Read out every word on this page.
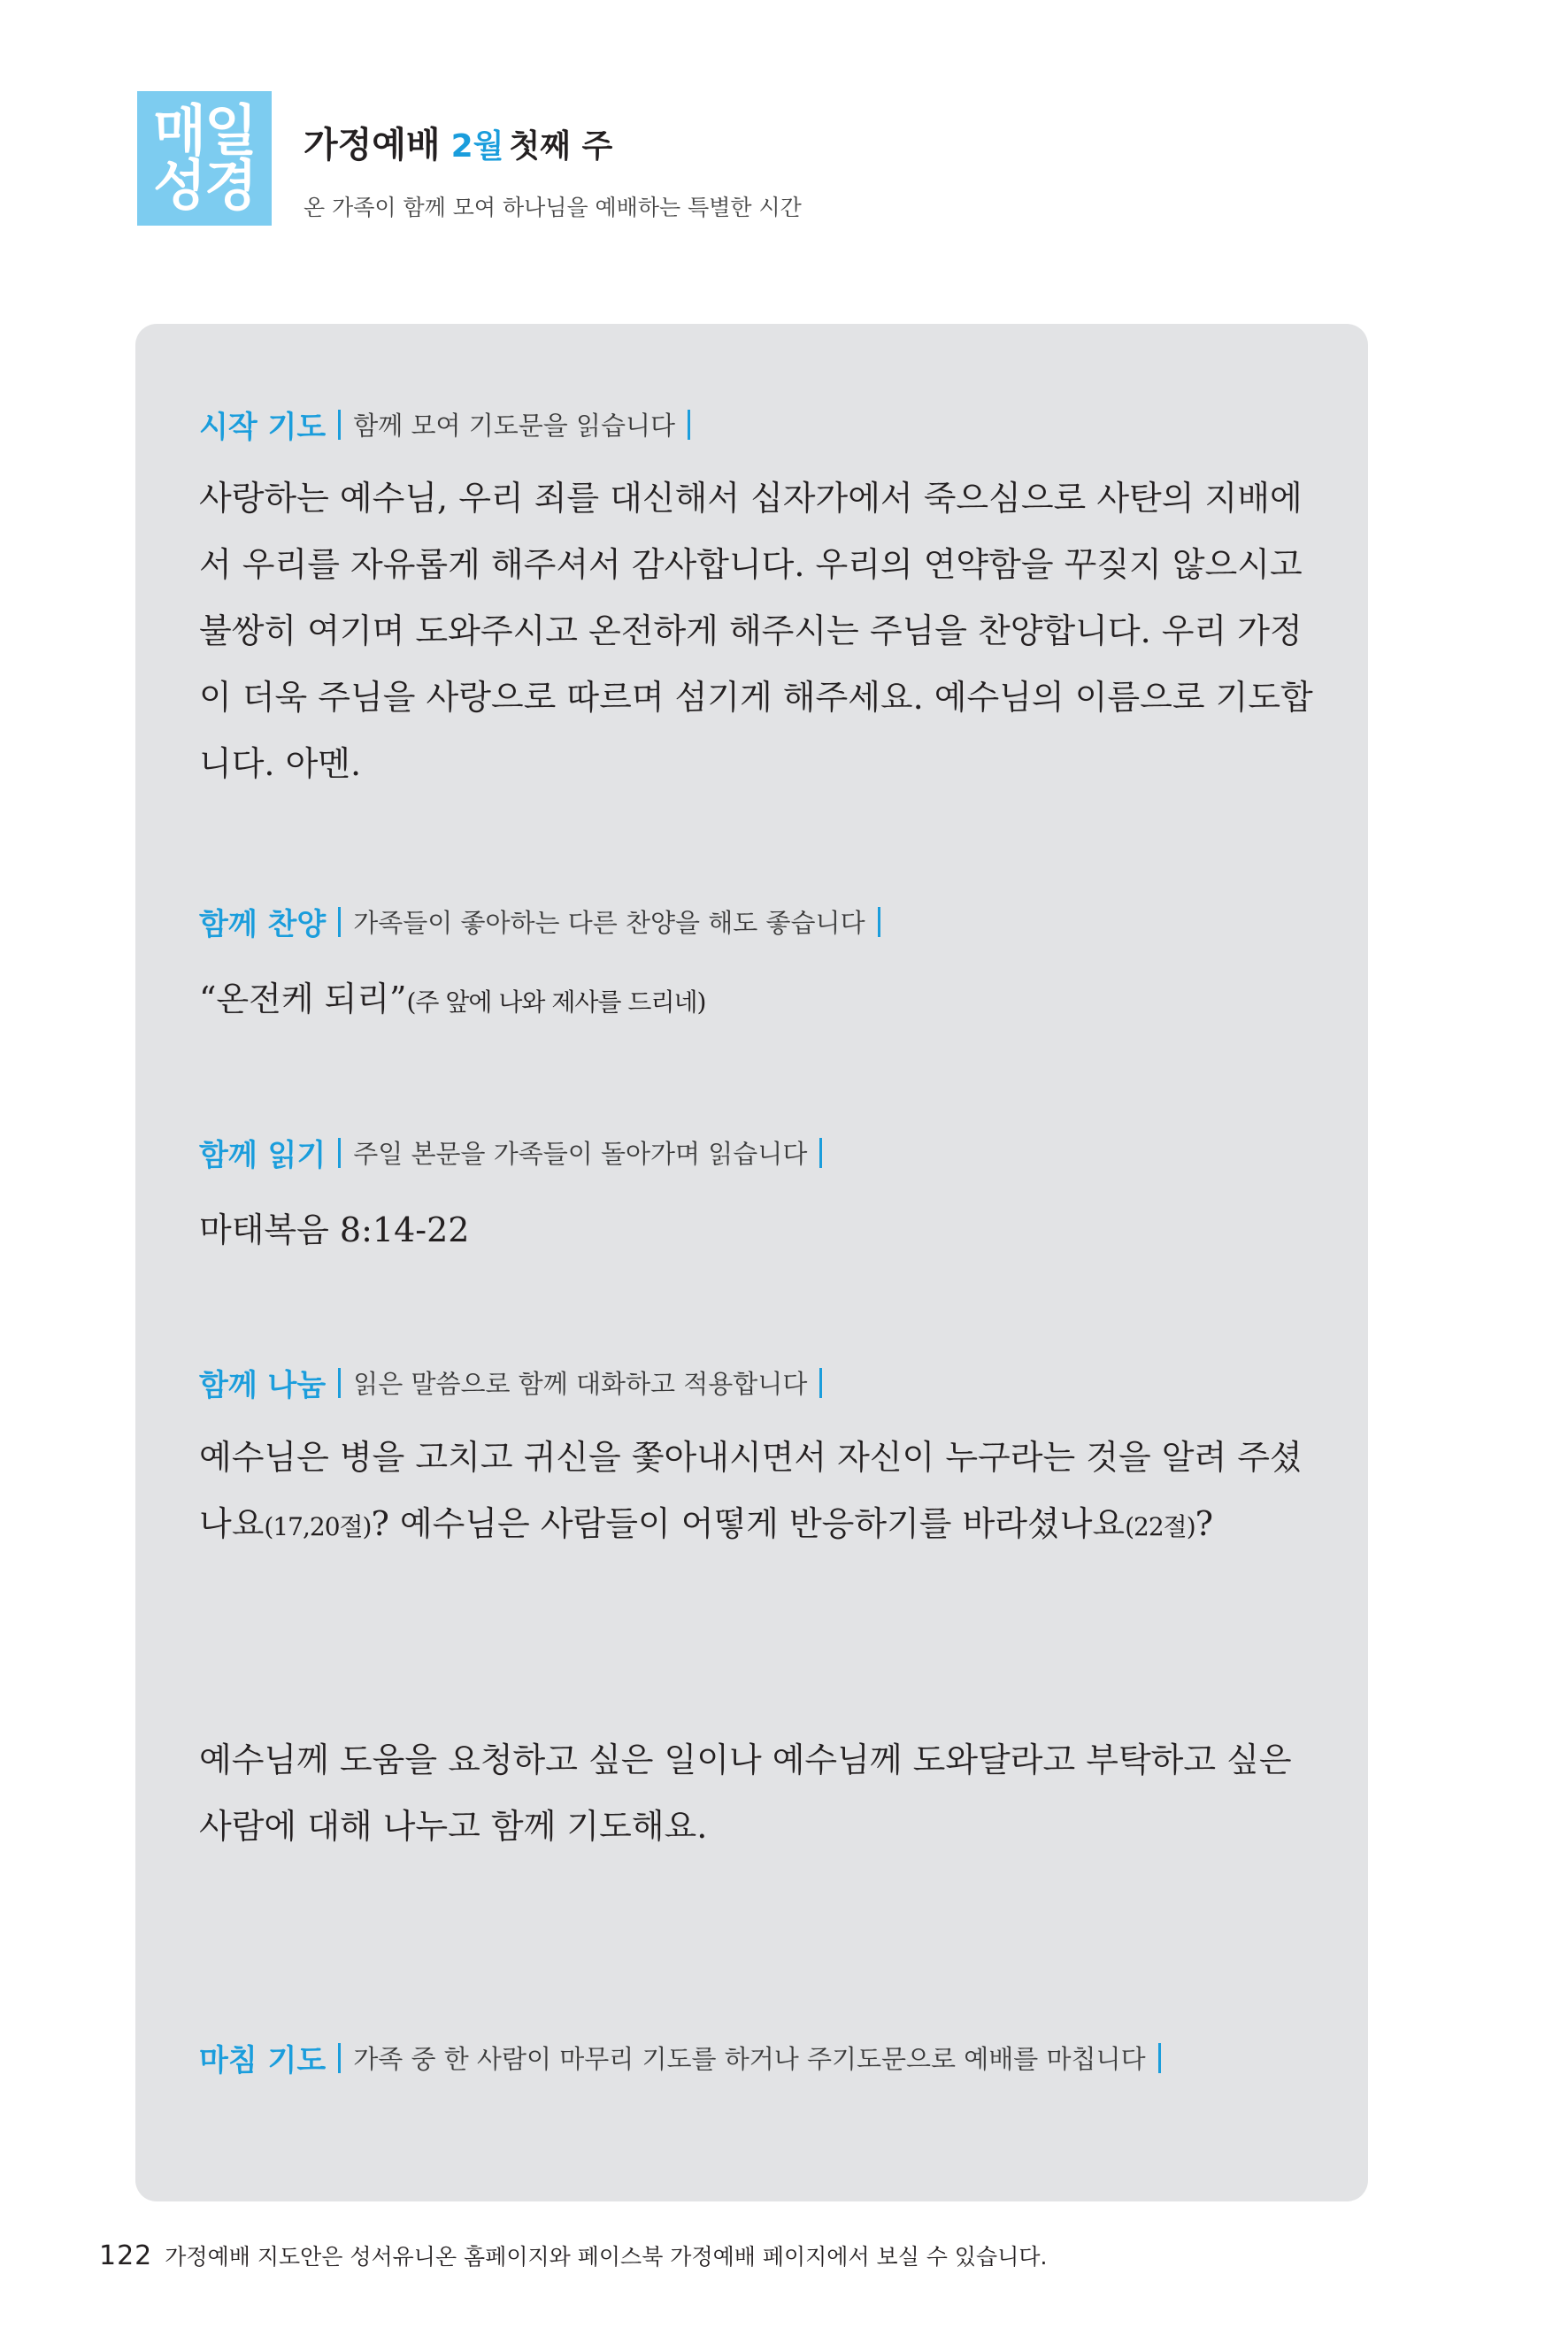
매일
성경
가정예배 2월 첫째 주
온 가족이 함께 모여 하나님을 예배하는 특별한 시간
시작 기도 함께 모여 기도문을 읽습니다
사랑하는 예수님, 우리 죄를 대신해서 십자가에서 죽으심으로 사탄의 지배에
서 우리를 자유롭게 해주셔서 감사합니다. 우리의 연약함을 꾸짖지 않으시고
불쌍히 여기며 도와주시고 온전하게 해주시는 주님을 찬양합니다. 우리 가정
이 더욱 주님을 사랑으로 따르며 섬기게 해주세요. 예수님의 이름으로 기도합
니다. 아멘.
함께 찬양 가족들이 좋아하는 다른 찬양을 해도 좋습니다
“온전케 되리”(주 앞에 나와 제사를 드리네)
함께 읽기 주일 본문을 가족들이 돌아가며 읽습니다
마태복음 8:14-22
함께 나눔 읽은 말씀으로 함께 대화하고 적용합니다
예수님은 병을 고치고 귀신을 쫓아내시면서 자신이 누구라는 것을 알려 주셨
나요(17,20절)? 예수님은 사람들이 어떻게 반응하기를 바라셨나요(22절)?
예수님께 도움을 요청하고 싶은 일이나 예수님께 도와달라고 부탁하고 싶은
사람에 대해 나누고 함께 기도해요.
마침 기도 가족 중 한 사람이 마무리 기도를 하거나 주기도문으로 예배를 마칩니다
122 가정예배 지도안은 성서유니온 홈페이지와 페이스북 가정예배 페이지에서 보실 수 있습니다.
